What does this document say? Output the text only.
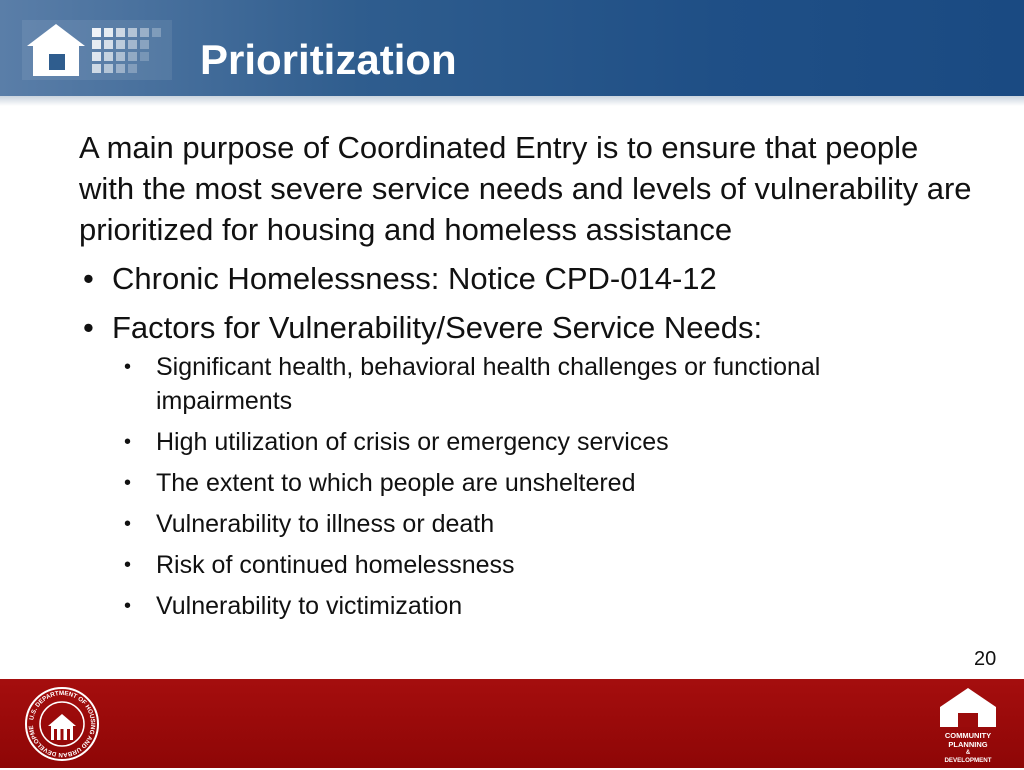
Prioritization

A main purpose of Coordinated Entry is to ensure that people with the most severe service needs and levels of vulnerability are prioritized for housing and homeless assistance

• Chronic Homelessness: Notice CPD-014-12
• Factors for Vulnerability/Severe Service Needs:
• Significant health, behavioral health challenges or functional impairments
• High utilization of crisis or emergency services
• The extent to which people are unsheltered
• Vulnerability to illness or death
• Risk of continued homelessness
• Vulnerability to victimization
20
U.S. DEPARTMENT OF HOUSING AND URBAN DEVELOPME
COMMUNITY
PLANNING
&
DEVELOPMENT
